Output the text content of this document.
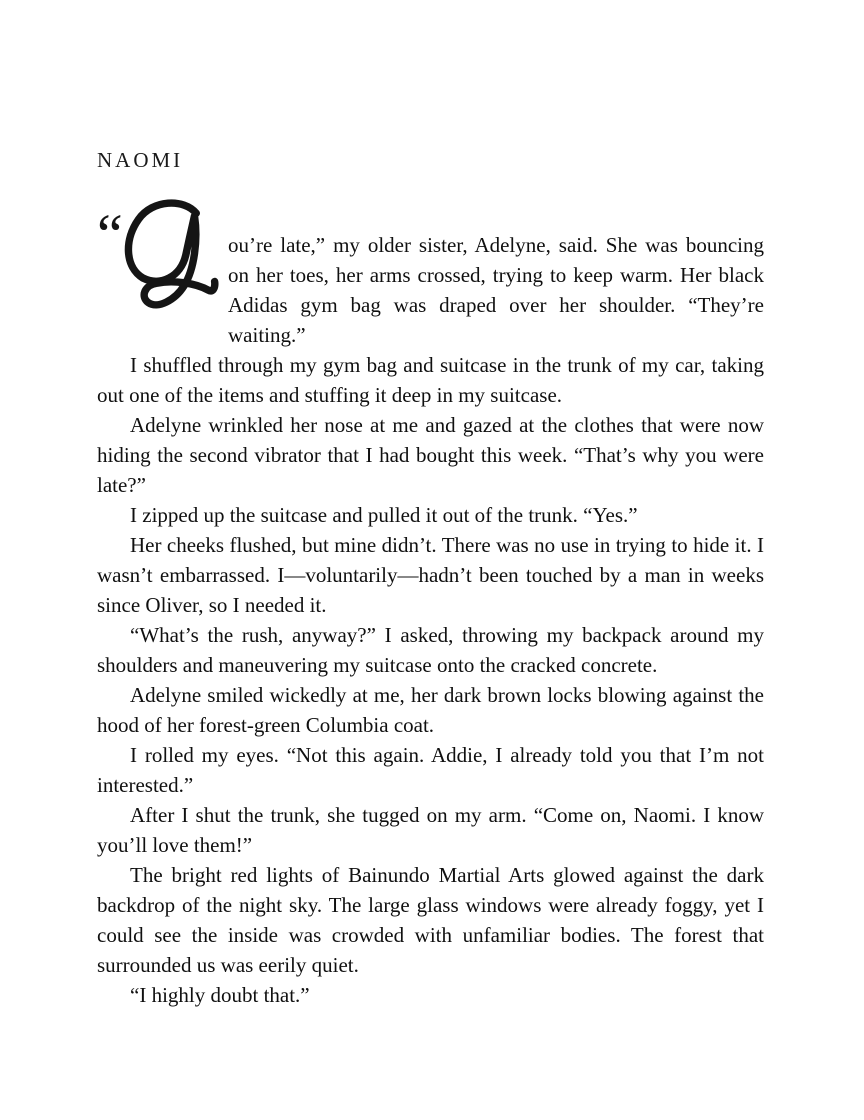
NAOMI

“	ou’re late,” my older sister, Adelyne, said. She was bouncing on her toes, her arms crossed, trying to keep warm. Her black Adidas gym bag was draped over her shoulder. “They’re waiting.”

I shuffled through my gym bag and suitcase in the trunk of my car, taking out one of the items and stuffing it deep in my suitcase.

Adelyne wrinkled her nose at me and gazed at the clothes that were now hiding the second vibrator that I had bought this week. “That’s why you were late?”

I zipped up the suitcase and pulled it out of the trunk. “Yes.”

Her cheeks flushed, but mine didn’t. There was no use in trying to hide it. I wasn’t embarrassed. I—voluntarily—hadn’t been touched by a man in weeks since Oliver, so I needed it.

“What’s the rush, anyway?” I asked, throwing my backpack around my shoulders and maneuvering my suitcase onto the cracked concrete.

Adelyne smiled wickedly at me, her dark brown locks blowing against the hood of her forest-green Columbia coat.

I rolled my eyes. “Not this again. Addie, I already told you that I’m not interested.”

After I shut the trunk, she tugged on my arm. “Come on, Naomi. I know you’ll love them!”

The bright red lights of Bainundo Martial Arts glowed against the dark backdrop of the night sky. The large glass windows were already foggy, yet I could see the inside was crowded with unfamiliar bodies. The forest that surrounded us was eerily quiet.

“I highly doubt that.”
